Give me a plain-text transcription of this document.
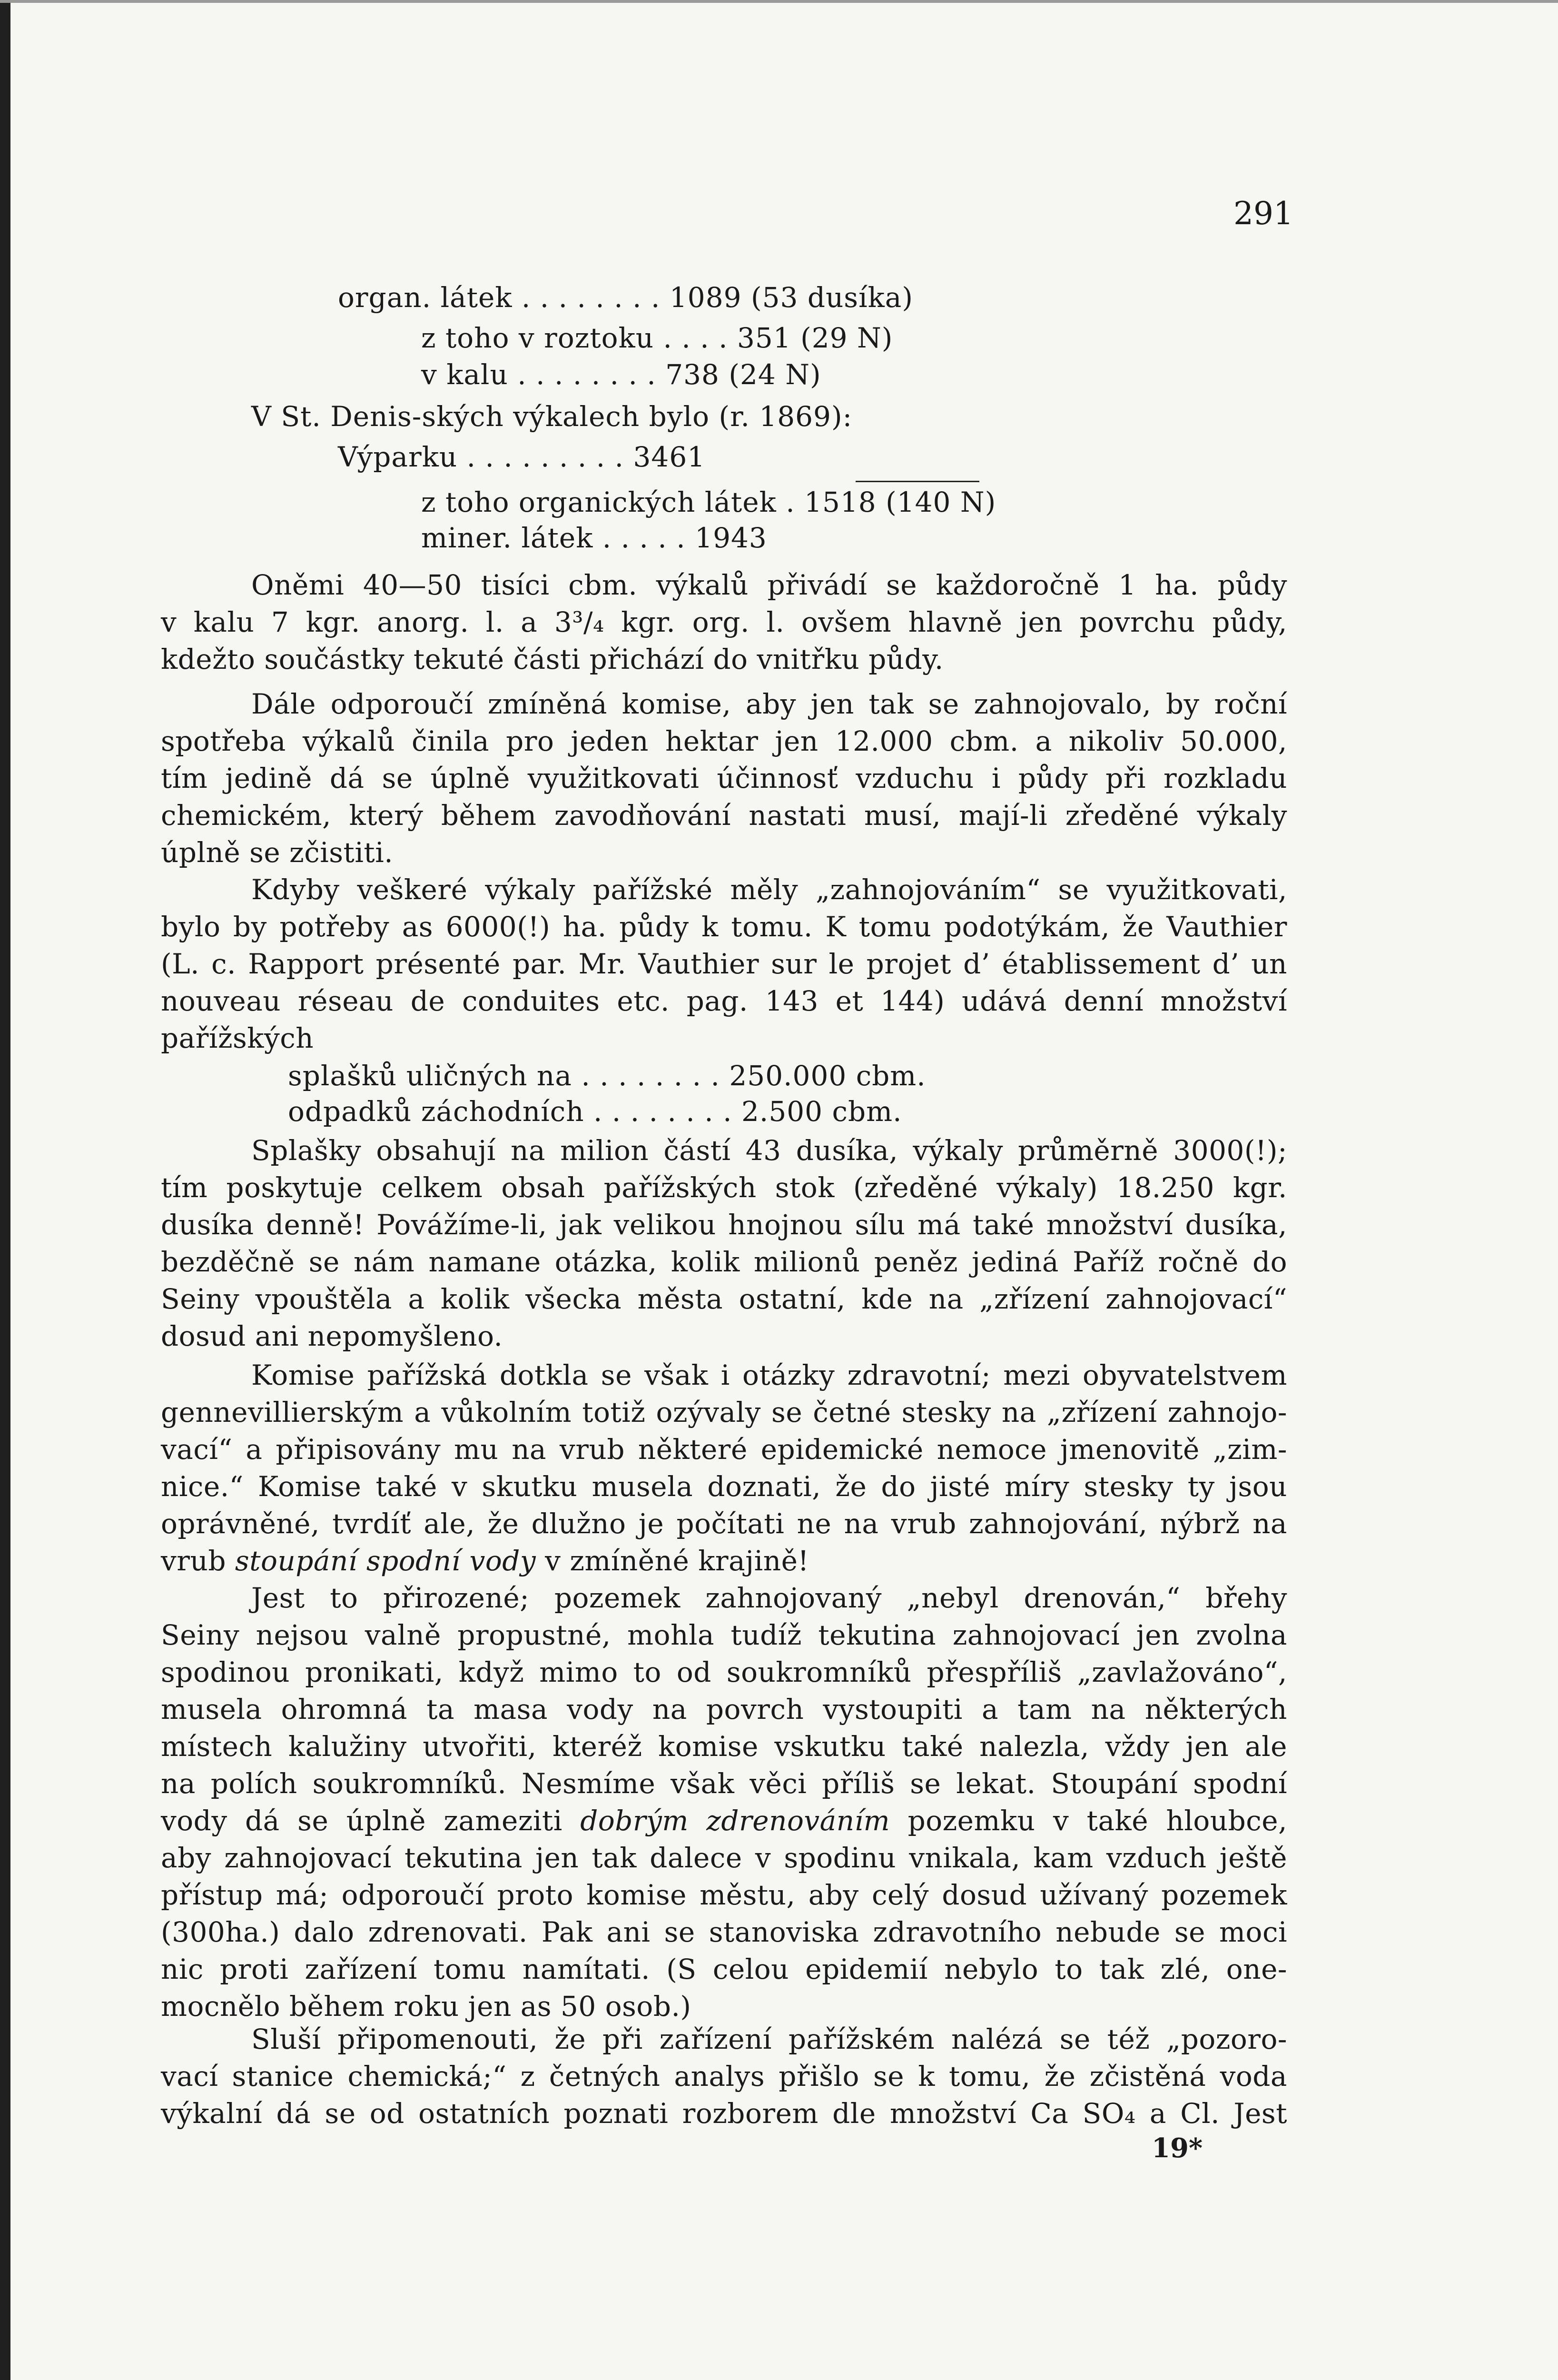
291
organ. látek . . . . . . . . 1089 (53 dusíka)
z toho v roztoku . . . . 351 (29 N)
v kalu . . . . . . . . 738 (24 N)
V St. Denis-ských výkalech bylo (r. 1869):
Výparku . . . . . . . . . 3461
z toho organických látek . 1518 (140 N)
miner. látek . . . . . 1943
Oněmi 40—50 tisíci cbm. výkalů přivádí se každoročně 1 ha. půdy
v kalu 7 kgr. anorg. l. a 3³/₄ kgr. org. l. ovšem hlavně jen povrchu půdy,
kdežto součástky tekuté části přichází do vnitřku půdy.
Dále odporoučí zmíněná komise, aby jen tak se zahnojovalo, by roční
spotřeba výkalů činila pro jeden hektar jen 12.000 cbm. a nikoliv 50.000,
tím jedině dá se úplně využitkovati účinnosť vzduchu i půdy při rozkladu
chemickém, který během zavodňování nastati musí, mají-li zředěné výkaly
úplně se zčistiti.
Kdyby veškeré výkaly pařížské měly „zahnojováním“ se využitkovati,
bylo by potřeby as 6000(!) ha. půdy k tomu. K tomu podotýkám, že Vauthier
(L. c. Rapport présenté par. Mr. Vauthier sur le projet d’ établissement d’ un
nouveau réseau de conduites etc. pag. 143 et 144) udává denní množství
pařížských
splašků uličných na . . . . . . . . 250.000 cbm.
odpadků záchodních . . . . . . . . 2.500 cbm.
Splašky obsahují na milion částí 43 dusíka, výkaly průměrně 3000(!);
tím poskytuje celkem obsah pařížských stok (zředěné výkaly) 18.250 kgr.
dusíka denně! Povážíme-li, jak velikou hnojnou sílu má také množství dusíka,
bezděčně se nám namane otázka, kolik milionů peněz jediná Paříž ročně do
Seiny vpouštěla a kolik všecka města ostatní, kde na „zřízení zahnojovací“
dosud ani nepomyšleno.
Komise pařížská dotkla se však i otázky zdravotní; mezi obyvatelstvem
gennevillierským a vůkolním totiž ozývaly se četné stesky na „zřízení zahnojo-
vací“ a připisovány mu na vrub některé epidemické nemoce jmenovitě „zim-
nice.“ Komise také v skutku musela doznati, že do jisté míry stesky ty jsou
oprávněné, tvrdíť ale, že dlužno je počítati ne na vrub zahnojování, nýbrž na
vrub stoupání spodní vody v zmíněné krajině!
Jest to přirozené; pozemek zahnojovaný „nebyl drenován,“ břehy
Seiny nejsou valně propustné, mohla tudíž tekutina zahnojovací jen zvolna
spodinou pronikati, když mimo to od soukromníků přespříliš „zavlažováno“,
musela ohromná ta masa vody na povrch vystoupiti a tam na některých
místech kalužiny utvořiti, kteréž komise vskutku také nalezla, vždy jen ale
na polích soukromníků. Nesmíme však věci příliš se lekat. Stoupání spodní
vody dá se úplně zameziti dobrým zdrenováním pozemku v také hloubce,
aby zahnojovací tekutina jen tak dalece v spodinu vnikala, kam vzduch ještě
přístup má; odporoučí proto komise městu, aby celý dosud užívaný pozemek
(300ha.) dalo zdrenovati. Pak ani se stanoviska zdravotního nebude se moci
nic proti zařízení tomu namítati. (S celou epidemií nebylo to tak zlé, one-
mocnělo během roku jen as 50 osob.)
Sluší připomenouti, že při zařízení pařížském nalézá se též „pozoro-
vací stanice chemická;“ z četných analys přišlo se k tomu, že zčistěná voda
výkalní dá se od ostatních poznati rozborem dle množství Ca SO₄ a Cl. Jest
19*
